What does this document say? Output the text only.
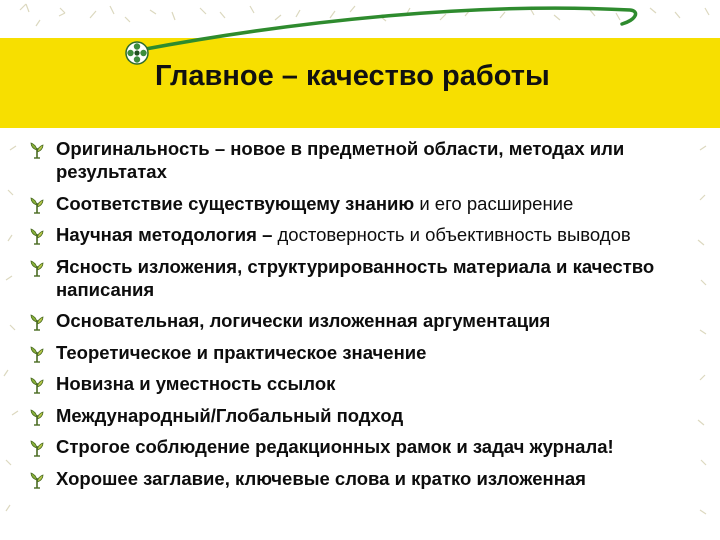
Главное – качество работы
Оригинальность – новое в предметной области, методах или результатах
Соответствие существующему знанию и его расширение
Научная методология – достоверность и объективность выводов
Ясность изложения, структурированность материала и качество написания
Основательная, логически изложенная аргументация
Теоретическое и практическое значение
Новизна и уместность ссылок
Международный/Глобальный подход
Строгое соблюдение редакционных рамок и задач журнала!
Хорошее заглавие, ключевые слова и кратко изложенная
